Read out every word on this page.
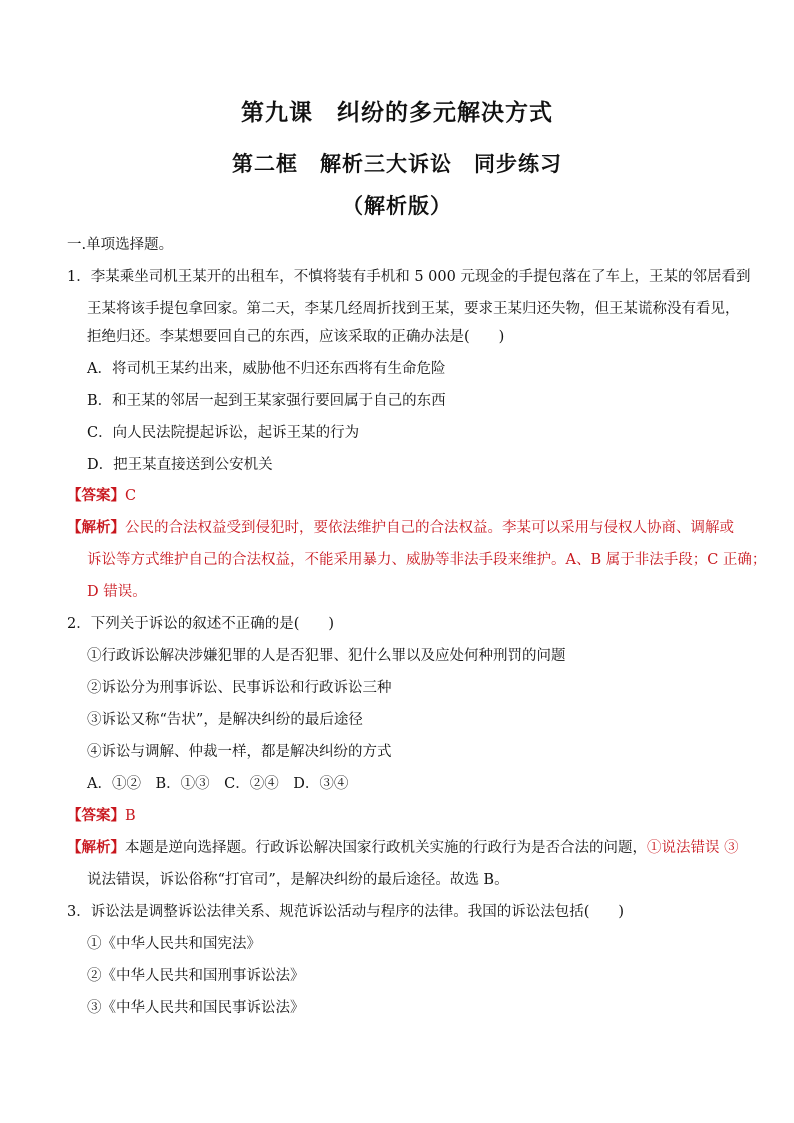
第九课　纠纷的多元解决方式
第二框　解析三大诉讼　同步练习
（解析版）
一.单项选择题。
1．李某乘坐司机王某开的出租车，不慎将装有手机和 5 000 元现金的手提包落在了车上，王某的邻居看到
王某将该手提包拿回家。第二天，李某几经周折找到王某，要求王某归还失物，但王某谎称没有看见，
拒绝归还。李某想要回自己的东西，应该采取的正确办法是(　　)
A．将司机王某约出来，威胁他不归还东西将有生命危险
B．和王某的邻居一起到王某家强行要回属于自己的东西
C．向人民法院提起诉讼，起诉王某的行为
D．把王某直接送到公安机关
【答案】C
【解析】公民的合法权益受到侵犯时，要依法维护自己的合法权益。李某可以采用与侵权人协商、调解或
诉讼等方式维护自己的合法权益，不能采用暴力、威胁等非法手段来维护。A、B 属于非法手段；C 正确；
D 错误。
2．下列关于诉讼的叙述不正确的是(　　)
①行政诉讼解决涉嫌犯罪的人是否犯罪、犯什么罪以及应处何种刑罚的问题
②诉讼分为刑事诉讼、民事诉讼和行政诉讼三种
③诉讼又称“告状”，是解决纠纷的最后途径
④诉讼与调解、仲裁一样，都是解决纠纷的方式
A．①②　B．①③　C．②④　D．③④
【答案】B
【解析】本题是逆向选择题。行政诉讼解决国家行政机关实施的行政行为是否合法的问题，①说法错误 ③
说法错误，诉讼俗称“打官司”，是解决纠纷的最后途径。故选 B。
3．诉讼法是调整诉讼法律关系、规范诉讼活动与程序的法律。我国的诉讼法包括(　　)
①《中华人民共和国宪法》
②《中华人民共和国刑事诉讼法》
③《中华人民共和国民事诉讼法》
